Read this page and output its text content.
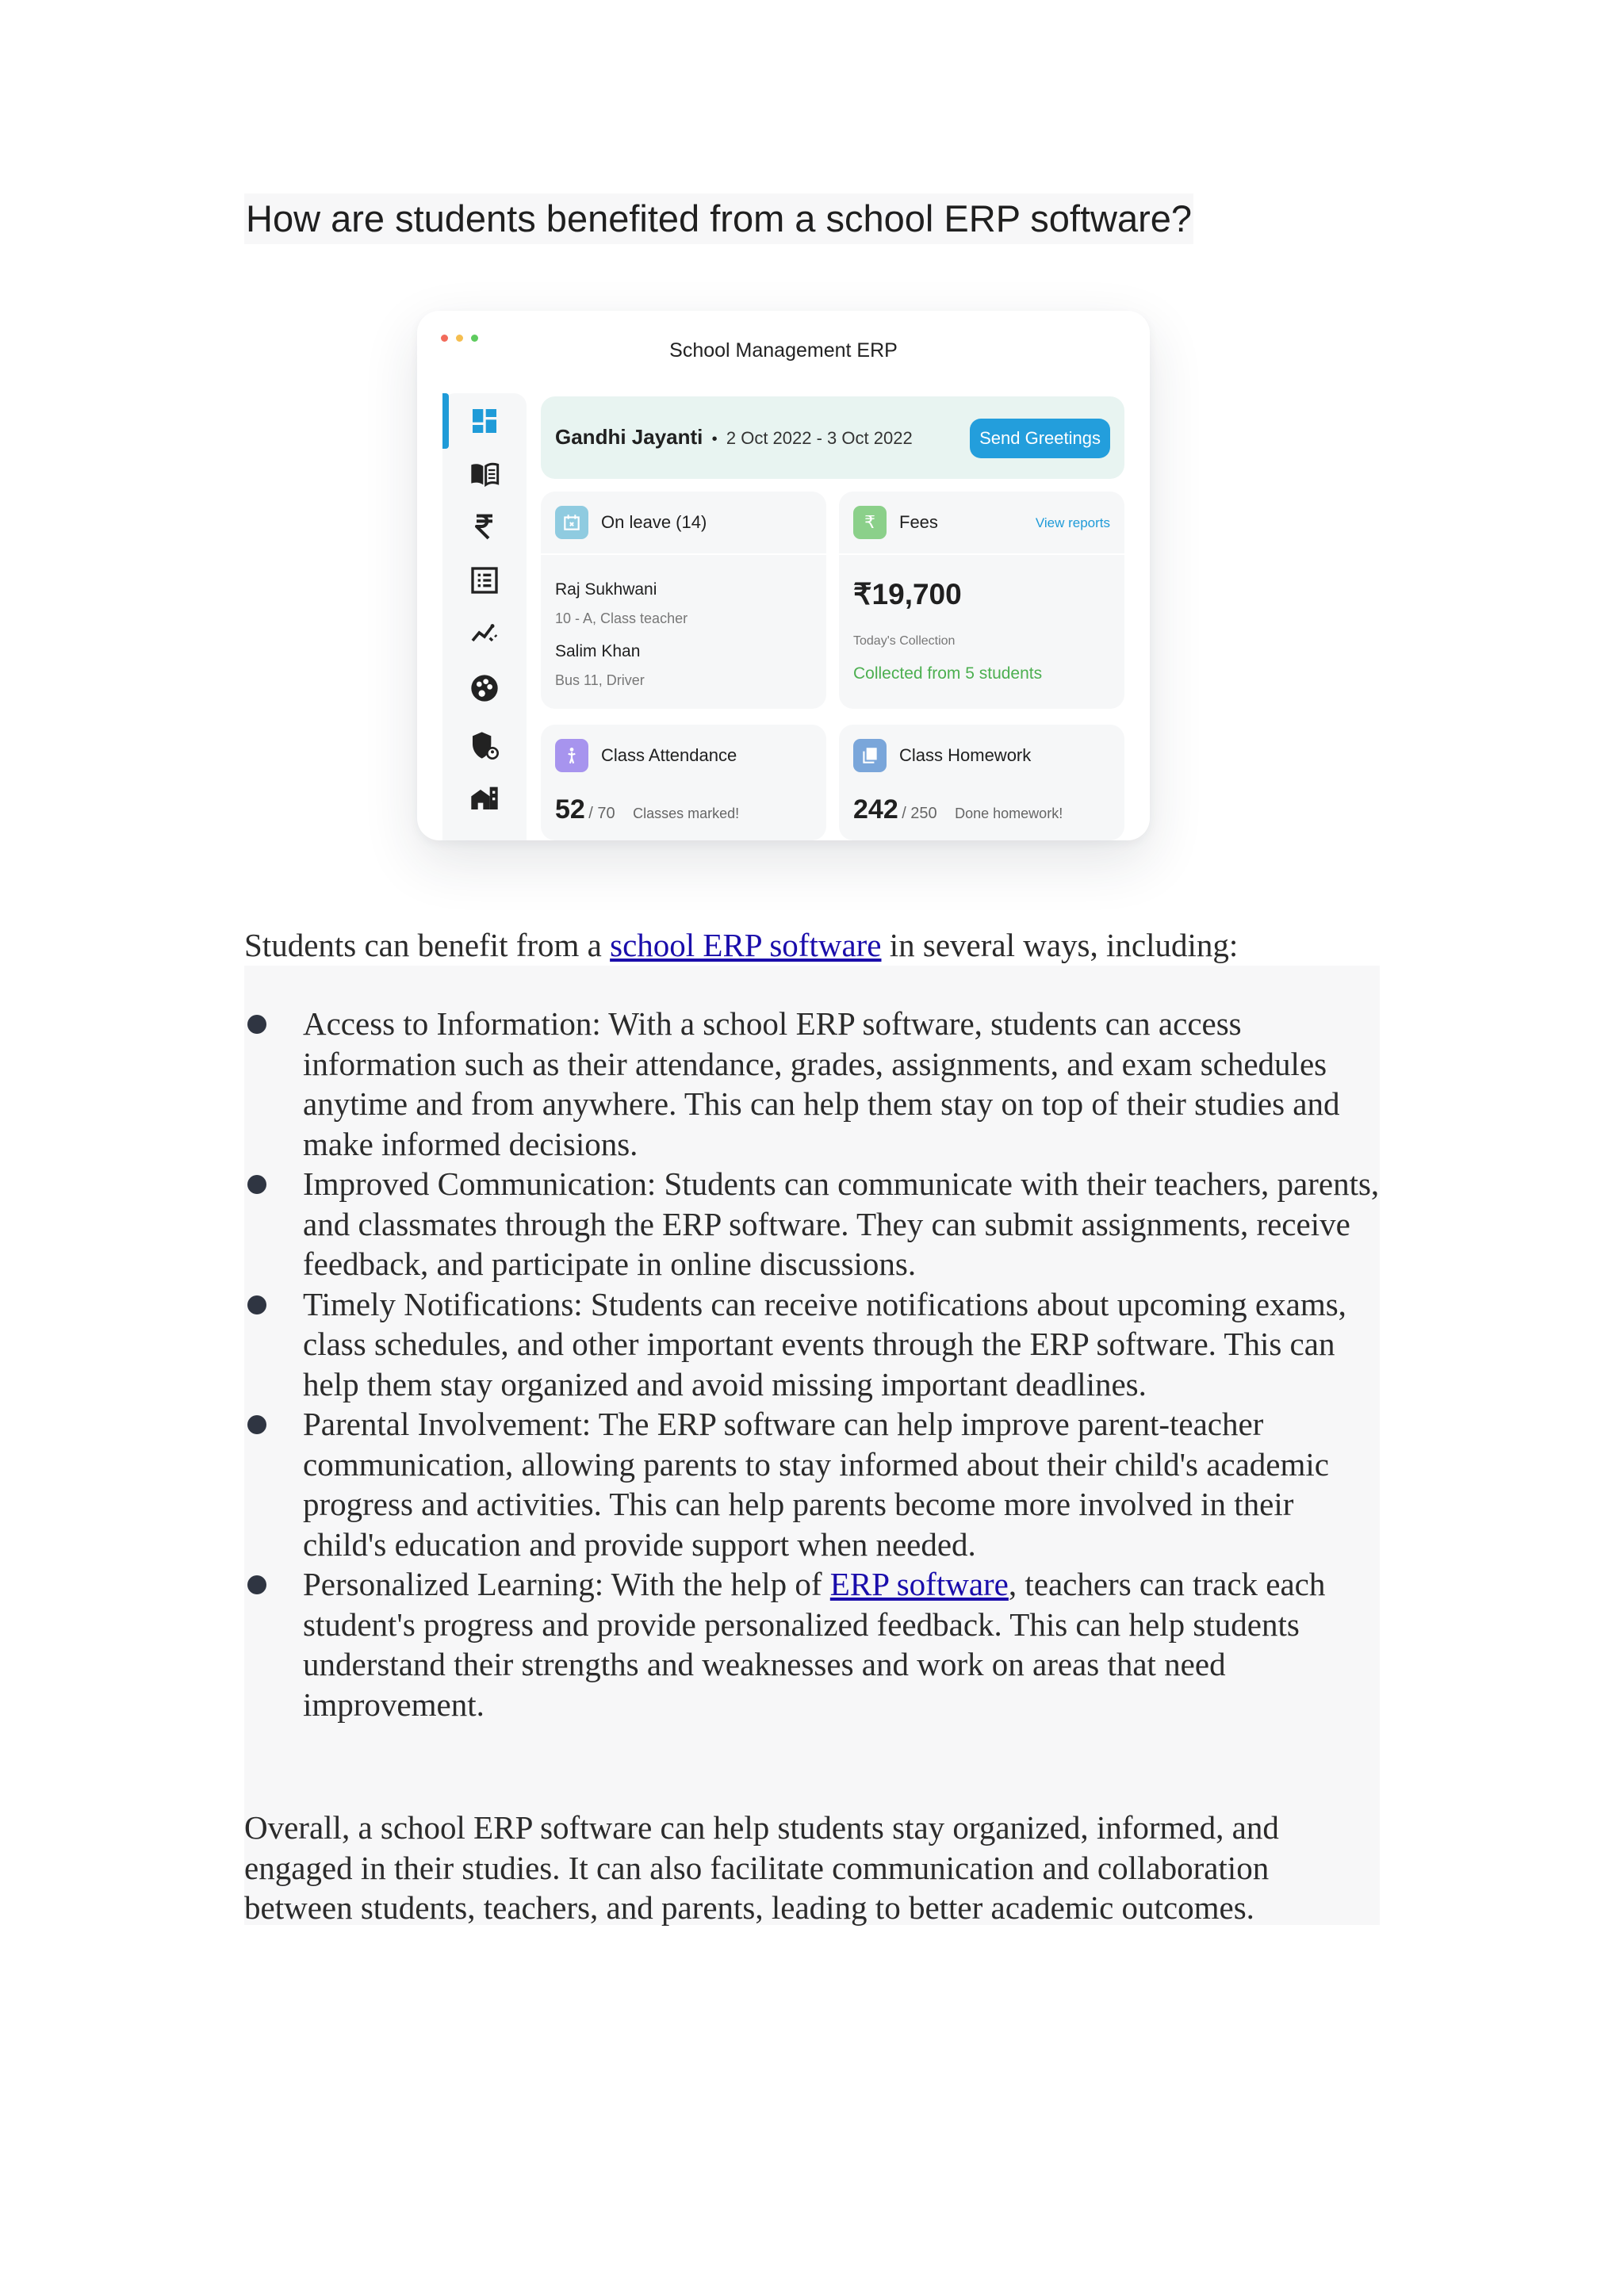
How are students benefited from a school ERP software?
School Management ERP
Gandhi Jayanti • 2 Oct 2022 - 3 Oct 2022	Send Greetings
On leave (14)
Raj Sukhwani
10 - A, Class teacher
Salim Khan
Bus 11, Driver
₹	Fees	View reports
₹19,700
Today's Collection
Collected from 5 students
Class Attendance
52 / 70 Classes marked!
Class Homework
242 / 250 Done homework!

Students can benefit from a school ERP software in several ways, including:

Access to Information: With a school ERP software, students can access information such as their attendance, grades, assignments, and exam schedules anytime and from anywhere. This can help them stay on top of their studies and make informed decisions.
Improved Communication: Students can communicate with their teachers, parents, and classmates through the ERP software. They can submit assignments, receive feedback, and participate in online discussions.
Timely Notifications: Students can receive notifications about upcoming exams, class schedules, and other important events through the ERP software. This can help them stay organized and avoid missing important deadlines.
Parental Involvement: The ERP software can help improve parent-teacher communication, allowing parents to stay informed about their child's academic progress and activities. This can help parents become more involved in their child's education and provide support when needed.
Personalized Learning: With the help of ERP software, teachers can track each student's progress and provide personalized feedback. This can help students understand their strengths and weaknesses and work on areas that need improvement.

Overall, a school ERP software can help students stay organized, informed, and engaged in their studies. It can also facilitate communication and collaboration between students, teachers, and parents, leading to better academic outcomes.
